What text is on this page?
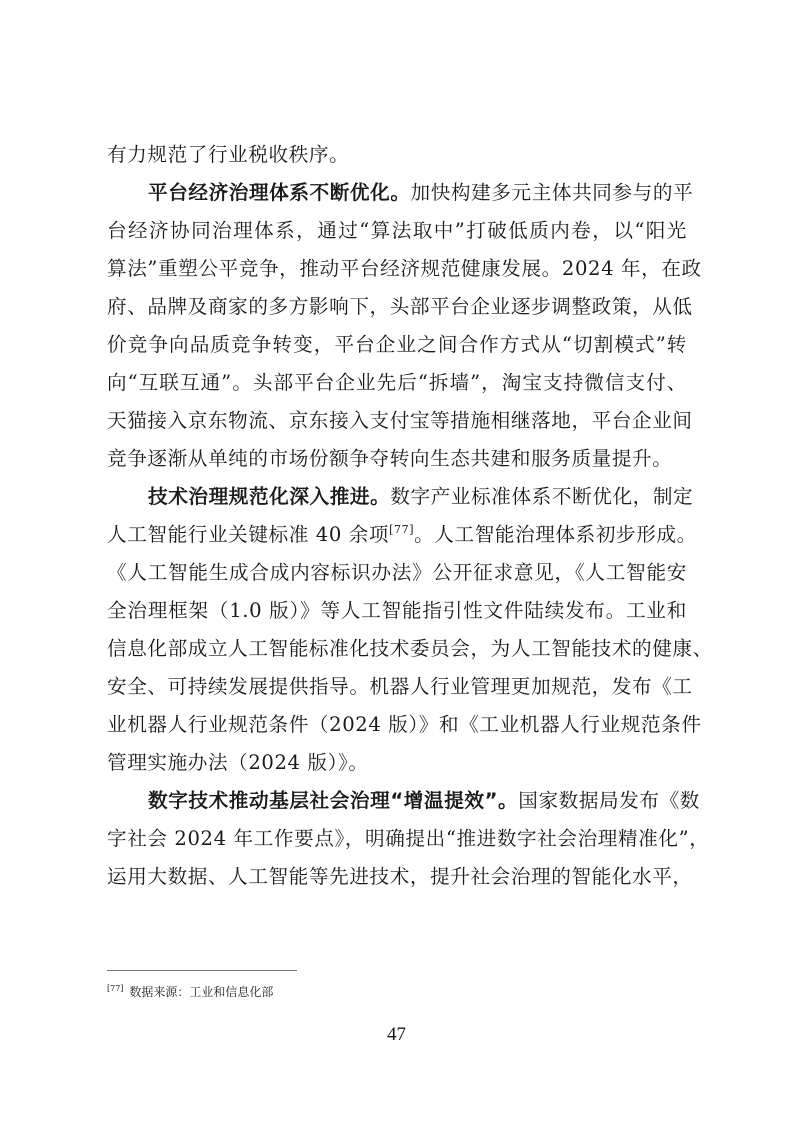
有力规范了行业税收秩序。
平台经济治理体系不断优化。加快构建多元主体共同参与的平
台经济协同治理体系，通过“算法取中”打破低质内卷，以“阳光
算法”重塑公平竞争，推动平台经济规范健康发展。2024 年，在政
府、品牌及商家的多方影响下，头部平台企业逐步调整政策，从低
价竞争向品质竞争转变，平台企业之间合作方式从“切割模式”转
向“互联互通”。头部平台企业先后“拆墙”，淘宝支持微信支付、
天猫接入京东物流、京东接入支付宝等措施相继落地，平台企业间
竞争逐渐从单纯的市场份额争夺转向生态共建和服务质量提升。
技术治理规范化深入推进。数字产业标准体系不断优化，制定
人工智能行业关键标准 40 余项[77]。人工智能治理体系初步形成。
《人工智能生成合成内容标识办法》公开征求意见，《人工智能安
全治理框架（1.0 版）》等人工智能指引性文件陆续发布。工业和
信息化部成立人工智能标准化技术委员会，为人工智能技术的健康、
安全、可持续发展提供指导。机器人行业管理更加规范，发布《工
业机器人行业规范条件（2024 版）》和《工业机器人行业规范条件
管理实施办法（2024 版）》。
数字技术推动基层社会治理“增温提效”。国家数据局发布《数
字社会 2024 年工作要点》，明确提出“推进数字社会治理精准化”，
运用大数据、人工智能等先进技术，提升社会治理的智能化水平，
[77] 数据来源：工业和信息化部
47
